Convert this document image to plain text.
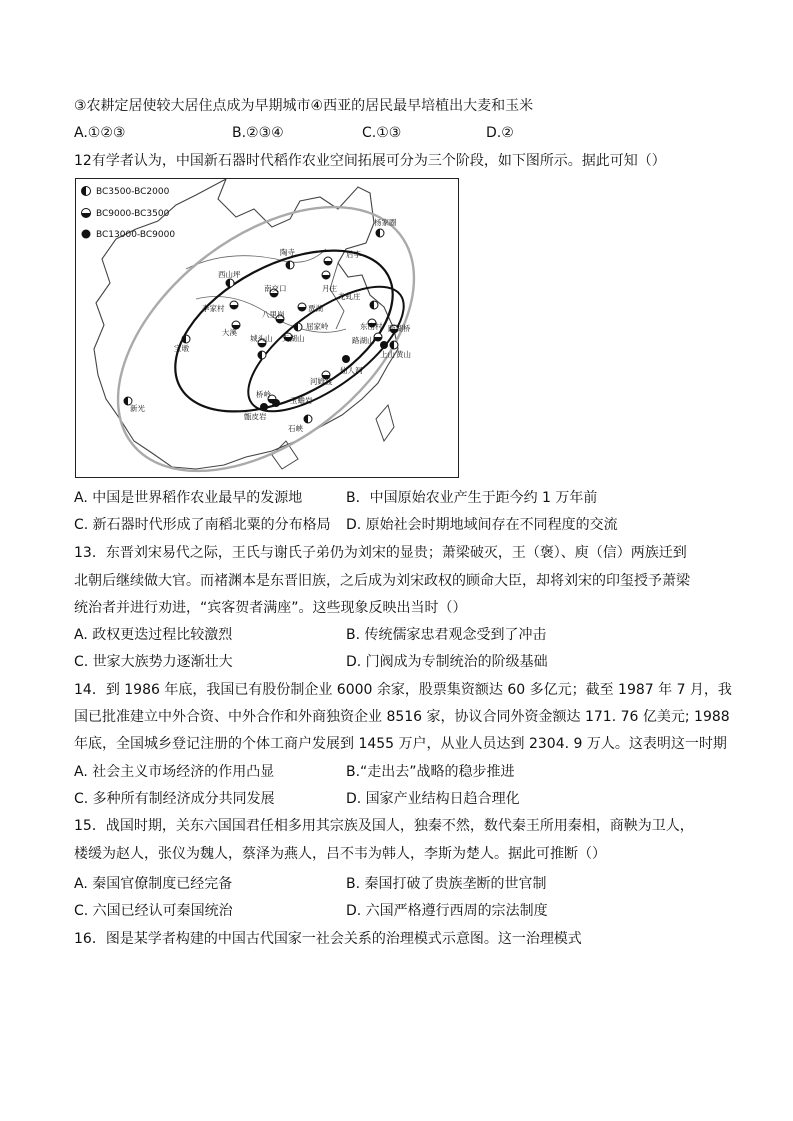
③农耕定居使较大居住点成为早期城市④西亚的居民最早培植出大麦和玉米
A.①②③	B.②③④	C.①③	D.②
12有学者认为，中国新石器时代稻作农业空间拓展可分为三个阶段，如下图所示。据此可知（）
BC3500-BC2000
BC9000-BC3500
BC13000-BC9000
杨家圈
陶寺	后李
月庄
西山坪
南交口
龙虬庄
李家村	贾湖
八里岗
屈家岭	东山村 跨湖桥
路湖山
宝墩
大溪
城头山 天湖山
上山 黄山
仙人洞
河姆渡
桥岭
玉蟾岩
甑皮岩
石峡
新光
A. 中国是世界稻作农业最早的发源地	B．中国原始农业产生于距今约 1 万年前
C. 新石器时代形成了南稻北粟的分布格局 D. 原始社会时期地域间存在不同程度的交流
13．东晋刘宋易代之际，王氏与谢氏子弟仍为刘宋的显贵；萧梁破灭，王（褒）、庾（信）两族迁到
北朝后继续做大官。而褚渊本是东晋旧族，之后成为刘宋政权的顾命大臣，却将刘宋的印玺授予萧梁
统治者并进行劝进，“宾客贺者满座”。这些现象反映出当时（）
A. 政权更迭过程比较激烈	B. 传统儒家忠君观念受到了冲击
C. 世家大族势力逐渐壮大	D. 门阀成为专制统治的阶级基础
14．到 1986 年底，我国已有股份制企业 6000 余家，股票集资额达 60 多亿元；截至 1987 年 7 月，我
国已批准建立中外合资、中外合作和外商独资企业 8516 家，协议合同外资金额达 171. 76 亿美元; 1988
年底，全国城乡登记注册的个体工商户发展到 1455 万户，从业人员达到 2304. 9 万人。这表明这一时期
A. 社会主义市场经济的作用凸显	B.“走出去”战略的稳步推进
C. 多种所有制经济成分共同发展	D. 国家产业结构日趋合理化
15．战国时期，关东六国国君任相多用其宗族及国人，独秦不然，数代秦王所用秦相，商鞅为卫人，
楼缓为赵人，张仪为魏人，蔡泽为燕人，吕不韦为韩人，李斯为楚人。据此可推断（）
A. 秦国官僚制度已经完备	B. 秦国打破了贵族垄断的世官制
C. 六国已经认可秦国统治	D. 六国严格遵行西周的宗法制度
16．图是某学者构建的中国古代国家一社会关系的治理模式示意图。这一治理模式
